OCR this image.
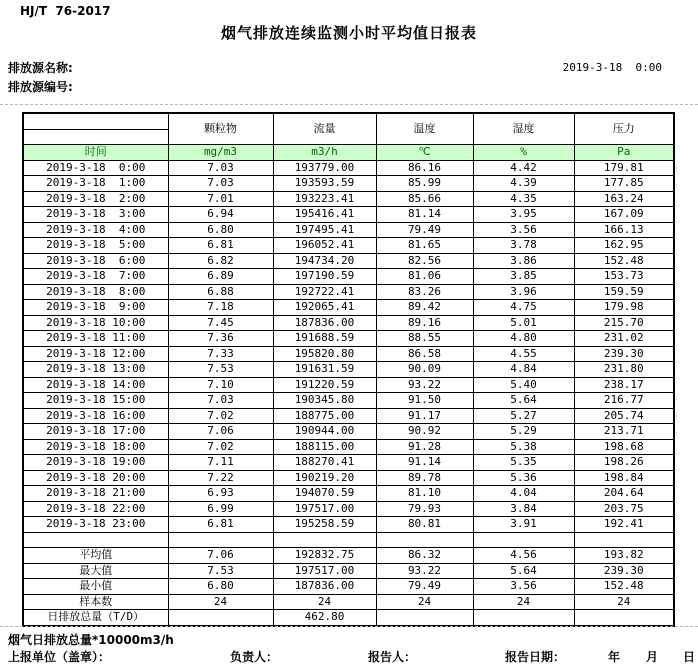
HJ/T  76-2017
烟气排放连续监测小时平均值日报表
排放源名称:
排放源编号:
2019-3-18  0:00
	颗粒物	流量	温度	湿度	压力

时间	mg/m3	m3/h	℃	%	Pa
2019-3-18  0:00	7.03	193779.00	86.16	4.42	179.81
2019-3-18  1:00	7.03	193593.59	85.99	4.39	177.85
2019-3-18  2:00	7.01	193223.41	85.66	4.35	163.24
2019-3-18  3:00	6.94	195416.41	81.14	3.95	167.09
2019-3-18  4:00	6.80	197495.41	79.49	3.56	166.13
2019-3-18  5:00	6.81	196052.41	81.65	3.78	162.95
2019-3-18  6:00	6.82	194734.20	82.56	3.86	152.48
2019-3-18  7:00	6.89	197190.59	81.06	3.85	153.73
2019-3-18  8:00	6.88	192722.41	83.26	3.96	159.59
2019-3-18  9:00	7.18	192065.41	89.42	4.75	179.98
2019-3-18 10:00	7.45	187836.00	89.16	5.01	215.70
2019-3-18 11:00	7.36	191688.59	88.55	4.80	231.02
2019-3-18 12:00	7.33	195820.80	86.58	4.55	239.30
2019-3-18 13:00	7.53	191631.59	90.09	4.84	231.80
2019-3-18 14:00	7.10	191220.59	93.22	5.40	238.17
2019-3-18 15:00	7.03	190345.80	91.50	5.64	216.77
2019-3-18 16:00	7.02	188775.00	91.17	5.27	205.74
2019-3-18 17:00	7.06	190944.00	90.92	5.29	213.71
2019-3-18 18:00	7.02	188115.00	91.28	5.38	198.68
2019-3-18 19:00	7.11	188270.41	91.14	5.35	198.26
2019-3-18 20:00	7.22	190219.20	89.78	5.36	198.84
2019-3-18 21:00	6.93	194070.59	81.10	4.04	204.64
2019-3-18 22:00	6.99	197517.00	79.93	3.84	203.75
2019-3-18 23:00	6.81	195258.59	80.81	3.91	192.41

平均值	7.06	192832.75	86.32	4.56	193.82
最大值	7.53	197517.00	93.22	5.64	239.30
最小值	6.80	187836.00	79.49	3.56	152.48
样本数	24	24	24	24	24
日排放总量（T/D）		462.80			
烟气日排放总量*10000m3/h
上报单位（盖章）：	负责人：	报告人：	报告日期：	年 月 日
